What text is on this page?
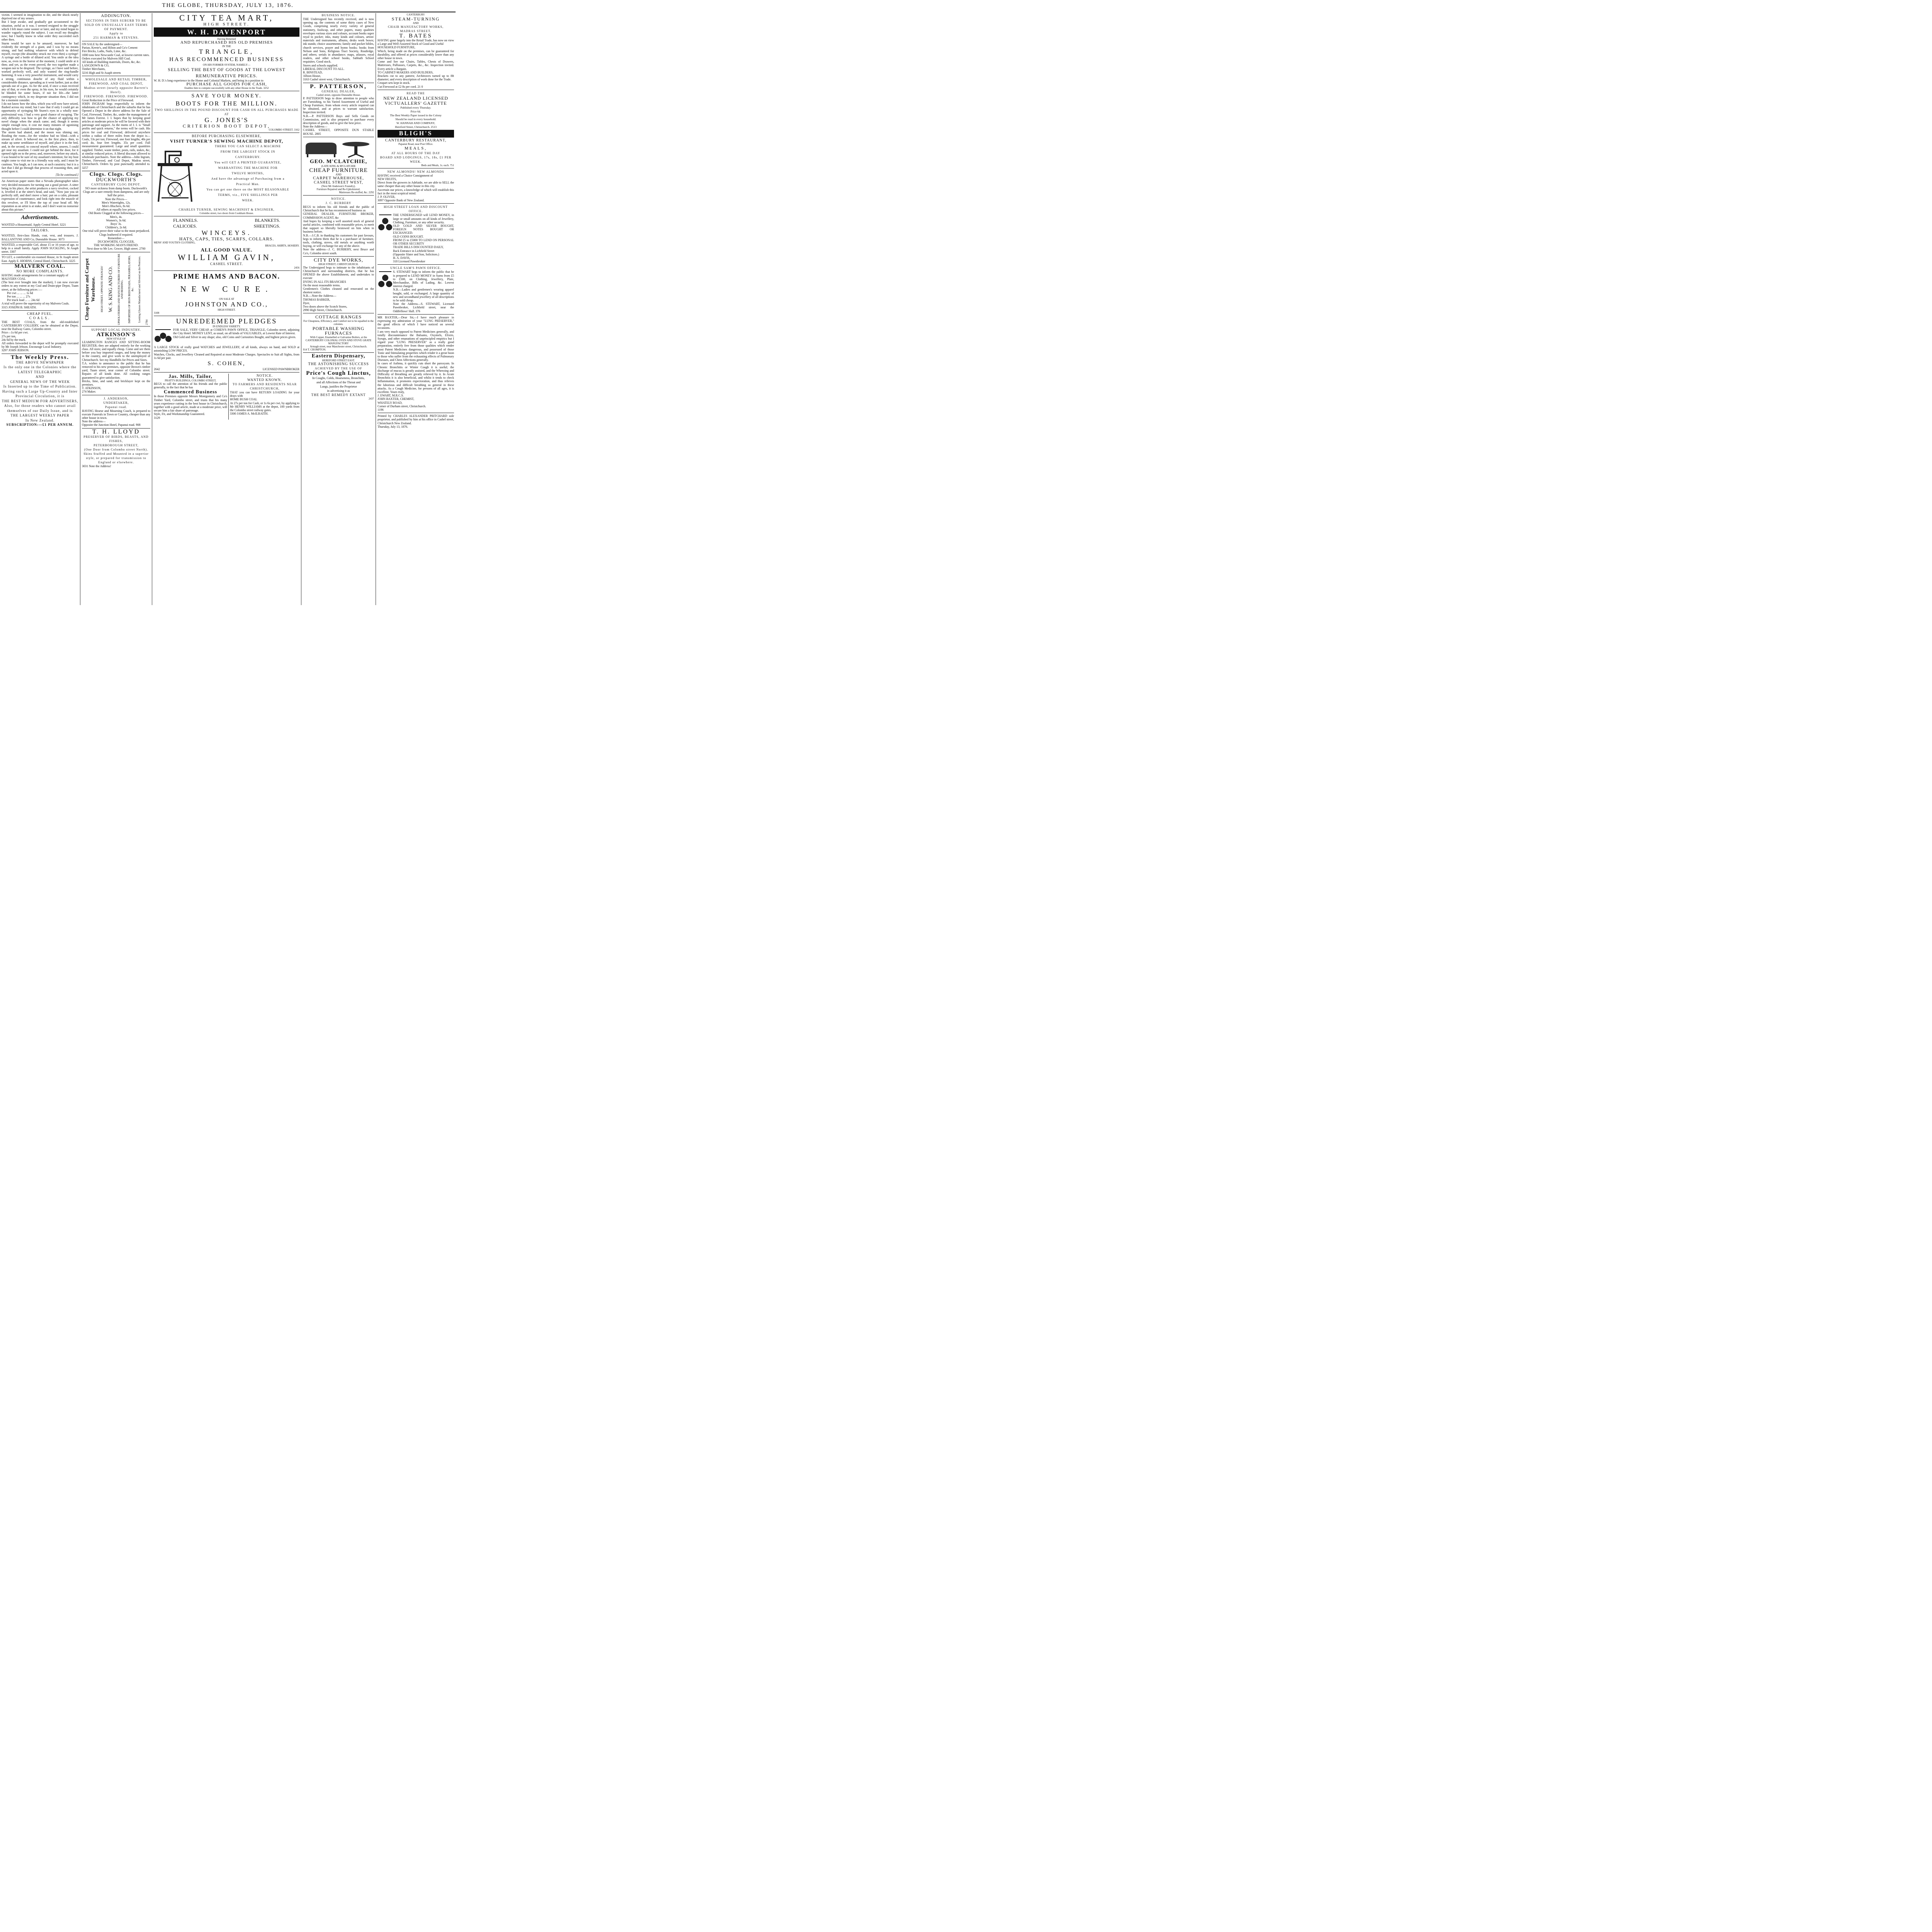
THE GLOBE, THURSDAY, JULY 13, 1876.

victim. I seemed in imagination to die, and the shock nearly deprived me of my senses.
But I kept awake, and gradually got accustomed to the situation, awful as it was. I seemed resigned to the struggle which I felt must come sooner or later, and my mind began to wander vaguely round the subject. I can recall my thoughts now; but I hardly know in what order they succeeded each other then.
Sturm would be sure to be amused; moreover, he had evidently the strength of a giant, and I was by no means strong, and had nothing whatever with which to defend myself, except (the absurdity struck me even then) a syringe! A syringe and a bottle of diluted acid. You smile at the idea now, as, even in the horror of the moment, I could smile at it then; and yet, as the event proved, the two together made a weapon not to be despised. The syringe, as I have said before, worked perfectly well, and only wanted the ring-handle fastening. It was a very powerful instrument, and would carry a strong, continuous douche of any fluid within a considerable distance, spreading as it went farther, just as shot spreads out of a gun. As for the acid, if once a man received any of that, or even the spray, in his eyes, he would certainly be blinded for some hours, if not for life—the latter contingency which, in my desperate situation then, I did not for a moment consider.
I do not know how the idea, which you will now have seized, flashed across my mind; but I saw that if only I could get an opportunity of syringing Mr Sturm's eyes in a wholly non-professional way, I had a very good chance of escaping. The only difficulty was how to get the chance of applying my novel charge when the attack came; and, though it seems simple enough now, it cost me many minutes of agonising thought before I could determine it on that night.
The storm had abated, and the moon was shining out, flooding the room—for the window had no blind—with a stream of silver. It behoved me, in the first place, then, to make up some semblance of myself, and place it in the bed, and, in the second, to conceal myself where, unseen, I could get near my assailant. I could not get behind the door, for it opened right on to the press; and, moreover, before my attack, I was bound to be sure of my assailant's intention; for my host might come to visit me in a friendly way only, and I must be cautious. You laugh, as I can now, at such casuistry; but it is a fact that I did go through that process of reasoning then, and acted upon it.

[To be continued.]

An American paper states that a Nevada photographer takes very decided measures for turning out a good picture. A sitter being in his place, the artist produces a navy revolver, cocked it, levelled it at the sitter's head, and said, "Now just you sit perfectly still, and don't move a hair; put on a calm, pleasant expression of countenance, and look right into the muzzle of this revolver, or I'll blow the top of your head off. My reputation as an artist is at stake, and I don't want no nonsense about this picture."

Advertisements.

WANTED a Housemaid. Apply Central Hotel. 3221

TAILORS.

WANTED, first-class Hands, coat, vest, and trousers. J. BALLANTYNE AND Co, Dunstable House. 3073

WANTED, a respectable Girl, about 15 or 16 years of age, to help in a small family. Apply JOHN SUCKLING, St Asaph street. 3307

TO LET, a comfortable six-roomed House, in St Asaph street East. Apply E. HIORNS, Central Hotel, Christchurch. 3225

MALVERN COAL.
NO MORE COMPLAINTS.

HAVING made arrangements for a constant supply of
MALVERN COAL
(The best ever brought into the market), I can now execute orders to any extent at my Coal and Drain-pipe Depot, Tuam street, at the following prices :—

Per cwt ... ... ... 1s 6d
Per ton ... ... ... 27s
Per truck load ... ... 24s 6d

A trial will prove the superiority of my Malvern Coals.

3315 JOSEPH B. SHEATH.

CHEAP FUEL.
COALS.

THE BEST COALS, from the old-established CANTERBURY COLLIERY, can be obtained at the Depot, near the Railway Gates, Colombo street.
Price—1s 6d per cwt.
27s per ton,
24s 6d by the truck.
All orders forwarded to the depot will be promptly executed by Mr Joseph Jebson. Encourage Local Industry.

3297 JOHN JEBSON.

The Weekly Press.
THE ABOVE NEWSPAPER
Is the only one in the Colonies where the
LATEST TELEGRAPHIC
AND
GENERAL NEWS OF THE WEEK
Is Inserted up to the Time of Publication.
Having such a Large Up-Country and Inter Provincial Circulation, it is
THE BEST MEDIUM FOR ADVERTISERS,
Also, for those readers who cannot avail themselves of our Daily Issue, and is
THE LARGEST WEEKLY PAPER
In New Zealand.
SUBSCRIPTION:—£1 PER ANNUM.
ADDINGTON.
SECTIONS IN THIS SUBURB TO BE SOLD ON UNUSUALLY EASY TERMS OF PAYMENT.
Apply to
251 HARMAN & STEVENS.

ON SALE by the undersigned—
Parian, Keene's, and Hilton and Co's Cement
Fire Bricks, Laths, Nails, Lime, &c.
1000 tons best Newcastle Coal, at lowest current rates.
Orders executed for Malvern Hill Coal.
All kinds of Building materials, Doors, &c, &c.
LANGDOWN & CO,
Timber Merchants,
3216 High and St Asaph streets

WHOLESALE AND RETAIL TIMBER, FIREWOOD, AND COAL DEPOT,
Madras street (nearly opposite Barrett's Hotel).
FIREWOOD. FIREWOOD. FIREWOOD.

Great Reduction in the Price of Firewood.
JOHN INGRAM begs respectfully to inform the inhabitants of Christchurch and the suburbs that he has Opened a Depot in the above address for the Sale of Coal, Firewood, Timber, &c, under the management of Mr James Forrest. J. I. hopes that by keeping good articles at moderate prices he will be favored with their patronage and support. As the motto of J. I. is "Small profits and quick returns," the terms will be cash. His prices for coal and Firewood, delivered anywhere within a radius of three miles from the depot is—Coals, 53s per ton; Firewood, one foot lengths, 40s per cord; do, four feet lengths. 35s per cord. Full measurement guaranteed. Large and small quantities supplied. Timber, waste timber, posts, rails, stakes, &c, at similar reduced prices. A liberal discount allowed to wholesale purchasers. Note the address—John Ingram, Timber, Firewood, and Coal Depot, Madras street, Christchurch. Orders by post punctually attended to. 3257

Clogs. Clogs. Clogs.
DUCKWORTH'S
CANTERBURY CLOG DEPOT.

NO more sickness from damp boots. Duckworth's Clogs are a sure remedy from dampness, and are only half the price.
Note the Prices—
Men's Watertights, 12s.
Men's Bluchers, 8s 6d.
All others at equally low prices.
Old Boots Clogged at the following prices—
Men's, 4s.
Women's, 3s 6d.
Boys' 3s.
Children's, 2s 6d.
One trial will prove their value to the most prejudiced.
Clogs leathered if required.
Remember—
DUCKWORTH, CLOGGER,
THE WORKING MAN'S FRIEND.
Next door to Mr Lee, Grocer, High street. 2700

Cheap Furniture and Carpet Warehouse. HIGH STREET, OPPOSITE STRANGES' W. S. KING AND CO. UPHOLSTERERS AND MANUFACTURERS OF FURNITURE AND BEDDING. IMPORTERS OF IRON BEDSTEADS, PERAMBULATORS, &c. Looking Glasses Manufactured and Silvered on the Premises. 2784
SUPPORT LOCAL INDUSTRY.
ATKINSON'S
NEW STYLE OF

LEAMINGTON RANGES AND SITTING-ROOM REGISTER; they are adapted entirely for the working class. All sizes; and equally cheap. Come and see them before you buy imported ranges, and keep the money in the country, and give work to the unemployed of Christchurch. See my Handbills for Prices and Sizes.
T.A. wishes to announce to the public that he has removed to his new premises, opposite Brown's timber yard, Tuam street, near corner of Colombo street. Repairs of all kinds done. All cooking ranges guaranteed to give satisfaction.
Bricks, lime, and sand, and bricklayer kept on the premises.
T. ATKINSON,
274 Maker.

J. ANDERSON,
UNDERTAKER,
Papanui road.

HAVING Hearse and Mourning Coach, is prepared to execute Funerals in Town or Country, cheaper than any other house in town.
Note the address—
Opposite the Junction Hotel, Papanui road. 908

T. H. LLOYD
PRESERVER OF BIRDS, BEASTS, AND FISHES,
PETERBOROUGH STREET,
(One Door from Colombo street North).
Skins Stuffed and Mounted in a superior style, or prepared for transmission to England or elsewhere.

3031 Note the Address!

CITY TEA MART,
HIGH STREET.
W. H. DAVENPORT
Having Returned
AND REPURCHASED HIS OLD PREMISES
IN THE
TRIANGLE,
HAS RECOMMENCED BUSINESS
ON HIS FORMER SYSTEM, NAMELY—
SELLING THE BEST OF GOODS AT THE LOWEST REMUNERATIVE PRICES.

W. H. D.'s long experience in the Home and Colonial Markets, and being in a position to

PURCHASE ALL GOODS FOR CASH,
Enables him to compete successfully with any other House in the Trade. 3252
SAVE YOUR MONEY.
BOOTS FOR THE MILLION.
TWO SHILLINGS IN THE POUND DISCOUNT FOR CASH ON ALL PURCHASES MADE AT
G. JONES'S
CRITERION BOOT DEPOT,
COLOMBO STREET. 3162
BEFORE PURCHASING ELSEWHERE,
VISIT TURNER'S SEWING MACHINE DEPOT,
THERE YOU CAN SELECT A MACHINE
FROM THE LARGEST STOCK IN
CANTERBURY.
You will GET A PRINTED GUARANTEE,
WARRANTING THE MACHINE FOR
TWELVE MONTHS,
And have the advantage of Purchasing from a
Practical Man.
You can get one there on the MOST REASONABLE
TERMS, viz., FIVE SHILLINGS PER
WEEK.
CHARLES TURNER, SEWING MACHINIST & ENGINEER,
Colombo street, two doors from Cookham House.
FLANNELS.	BLANKETS.
CALICOES.	SHEETINGS.
WINCEYS.
HATS, CAPS, TIES, SCARFS, COLLARS.
MENS' AND YOUTH'S CLOTHING,
BRACES, SHIRTS, HOSIERY.
ALL GOOD VALUE.
WILLIAM GAVIN,
CASHEL STREET.
2456
PRIME HAMS AND BACON.
NEW CURE.
ON SALE AT
JOHNSTON AND CO.,
HIGH STREET.
3108
UNREDEEMED PLEDGES
IN ENDLESS VARIETY.

FOR SALE, VERY CHEAP, at COHEN'S PAWN OFFICE, TRIANGLE, Colombo street, adjoining the City Hotel. MONEY LENT, as usual, on all kinds of VALUABLES, at Lowest Rate of Interest.
Old Gold and Silver in any shape; also, old Coins and Curiosities Bought, and highest prices given.

A LARGE STOCK of really good WATCHES and JEWELLERY, of all kinds, always on hand, and SOLD at astonishing LOW PRICES.
Watches, Clocks, and Jewellery Cleaned and Repaired at most Moderate Charges. Spectacles to Suit all Sights, from 1s 6d per pair.

S. COHEN,
2642	LICENSED PAWNBROKER
Jas. Mills, Tailor,
PRATT'S BUILDINGS, COLOMBO STREET,

BEGS to call the attention of his friends and the public generally, to the fact that he has

Commenced Business

In those Premises opposite Messrs Montgomery and Co's Timber Yard, Colombo street, and trusts that his many years experience cutting in the best house in Christchurch, together with a good article, made at a moderate price, will secure him a fair share of patronage.
Style, Fit, and Workmanship Guaranteed.

3129

NOTICE.
WANTED KNOWN.
TO FARMERS AND RESIDENTS NEAR CHRISTCHURCH,

THAT you can have RETURN LOADING for your drays with
HOME BUSH COAL
At 27s per ton for Cash, or 1s 6s per cwt, by applying to Mr HENRY WILLIAMS at the depot, 100 yards from the Colombo street railway gates.

3300 JAMES A. McILRAITH.

BUSINESS NOTICE.

THE Undersigned has recently received, and is now opening up, the contents of some thirty cases of New Goods, comprising nearly every variety of general stationery, foolscap, and other papers, many qualities envelopes various sizes and colours, account books super royal to pocket; inks, many kinds and colours, artists' materials and instruments, albums, desks work boxes; ink stands; choice assortments; family and pocket bibles, church services, prayer and hymn books; books from Nelson and Sons, Religious Tract Society, Routledge, and others; serials in abundance; maps, atlasses, royal readers, and other school books, Sabbath School requisites. Good stock.
Stores and schools supplied.
LIBERAL DISCOUNT TO ALL.
R. BINSTEAD,
Albion House,
3163 Cashel street west, Christchurch.

P. PATTERSON,
GENERAL DEALER,
Cashel street, opposite Dunstable House.

P. PATTERSON begs to draw attention to people who are Furnishing, to his Varied Assortment of Useful and Cheap Furniture, from whom every article required can be obtained, and at prices to warrant satisfaction. Inspection invited.
N.B.—P. PATTERSON Buys and Sells Goods on Commission, and is also prepared to purchase every description of goods, and to give the best price.
Note the Address—
CASHEL STREET, OPPOSITE DUN STABLE HOUSE. 2805

GEO. M'CLATCHIE,
(LATE KING & M'CLATCHIE
CHEAP FURNITURE
AND
CARPET WAREHOUSE,
CASHEL STREET WEST,
(Next Mr Anderson's Foundry).
Furniture Repaired and Re-Upholstered.
Mattresses Re-stuffed, &c. 2292
NOTICE.
J. C. BURBERY

BEGS to inform his old friends and the public of Christchurch that he has recommenced business as
GENERAL DEALER, FURNITURE BROKER, COMMISSION AGENT, &c
And hopes by keeping a well assorted stock of general useful articles, combined with reasonable prices, to merit that support so liberally bestowed on him when in business before.
N.B.—J.C.B. in thanking his customers for past favours, begs to inform them that he is a purchaser of furniture, tools, clothing, stoves, old metals or anything worth buying, or will exchange for any of the above.
Note the address—J. C. BURBERY, next Bruce and Co's, Colombo street south.

CITY DYE WORKS,
HIGH STREET, CHRISTCHURCH.

The Undersigned begs to intimate to the inhabitants of Christchurch and surrounding districts, that he has OPENED the above Establishment, and undertakes to execute
DYING IN ALL ITS BRANCHES
On the most reasonable terms.
Gentlemen's Clothes cleaned and renovated on the shortest notice.
N.B.—Note the Address—
THOMAS BARKER,
Dyer,
Two doors above the Scotch Stores,
2990 High Street, Christchurch.

COTTAGE RANGES
For Cheapness, Efficiency, and Comfort not to be equalled in the colonies.
PORTABLE WASHING FURNACES
With Copper, Enamelled or Galvanise Boilers, at the
CANTERBURY COLONIAL OVEN AND STOVE GRATE MANUFACTORY
Armagh street, near Manchester street, Christchurch.
914 T. CROMPTON.
Eastern Dispensary,
HEREFORD STREET EAST.
THE ASTONISHING SUCCESS
ACHIEVED BY THE USE OF
Price's Cough Linctus,
In Coughs, Colds, Hoarseness, Bronchitis,
and all Affections of the Throat and
Lungs, justifies the Proprietor
in advertising it as
THE BEST REMEDY EXTANT
2437
CANTERBURY
STEAM-TURNING
AND
CHAIR MANUFACTORY WORKS,
MADRAS STREET.
T. BATES

HAVING gone largely into the Retail Trade, has now on view a Large and Well-Assorted Stock of Good and Useful
HOUSEHOLD FURNITURE,
Which, being made on the premises, can be guaranteed for durability, and offered at prices considerably lower than any other house in town.
Come and See our Chairs, Tables, Chests of Drawers, Mattresses, Palliasses, Carpets, &c., &c. Inspection invited. Every article a Bargain.
TO CABINET-MAKERS AND BUILDERS,
Brackets cut to any pattern; Architraves turned up to 8ft diameter; and every description of work done for the Trade.
Croquet sets kept in stock.
Cut Firewood at £2 8s per cord. 21 0

READ THE
NEW ZEALAND LICENSED
VICTUALLERS' GAZETTE
Published every Thursday.
Price 6d.
The Best Weekly Paper issued in the Colony
Should be read in every household.
W. HANNAH AND COMPANY,
Hereford Street, Christchurch. 2513
BLIGH'S
CANTERBURY RESTAURANT,
Papanui Road, near Post Office.
MEALS,
AT ALL HOURS OF THE DAY
BOARD AND LODGINGS, 17s, 18s, £1 PER WEEK.
Beds and Meals, 1s. each. 751
NEW ALMONDS! NEW ALMONDS

HAVING received a Choice Consignment of
NEW FRUITS,
Direct from the growers in Adelaide, we are able to SELL the same cheaper than any other house in this city.
Ascertain our prices, a knowledge of which will establish this fact in the most sceptical mind.
J. P. OLIVER,
3097 Opposite Bank of New Zealand.

HIGH STREET LOAN AND DISCOUNT OFFICE.

THE UNDERSIGNED will LEND MONEY, in large or small amounts on all kinds of Jewellery, Clothing, Furniture, or any other security.
OLD GOLD AND SILVER BOUGHT, FOREIGN NOTES BOUGHT OR EXCHANGED.
OLD COINS BOUGHT.
FROM £5 to £5000 TO LEND ON PERSONAL OR OTHER SECURITY
TRADE BILLS DISCOUNTED DAILY,
Back Entrance in Lichfield Street
(Opposite Slater and Son, Solicitors.)
H. A. DAVIS,
318 Licensed Pawnbroker

UNCLE SAM'S PAWN OFFICE.

S. STEWART begs to inform the public that he is prepared to LEND MONEY in Sums from £5 to £500, on Clothing, Jewellery, Plate, Merchandise, Bills of Lading, &c. Lowest interest charged.
N.B.—Ladies and gentlemen's wearing apparel bought, sold, or exchanged. A large quantity of new and secondhand jewellery of all descriptions to be sold cheap.
Note the Address—S. STEWART, Licensed Pawnbroker, Lichfield street, near the Oddfellows' Hall. 376

MR BAXTER,—Dear Sir,—I have much pleasure in expressing my admiration of your "LUNG PRESERVER," the good effects of which I have noticed on several occasions.
I am very much opposed to Patent Medicines generally, and totally discountenance the Balsams, Oxymels, Elixirs, Syrups, and other emanations of unprincipled empirics but I regard your "LUNG PRESERVER" as a really good preparation, entirely free from those qualities which render most Patent Medicines dangerous, and possessed of those Tonic and Stimulating properties which render it a great boon to those who suffer from the exhausting effects of Pulmonary Diseases, and Chest Affections generally.
In cases of Asthma, it quickly cuts short the paroxysm. In Chronic Bronchitis or Winter Cough it is useful; the discharge of mucus is greatly assisted, and the Wheezing and Difficulty of Breathing are greatly relieved by it. In Acute Bronchitis it is also beneficial, and whilst it tends to check Inflammation, it promotes expectoration, and thus relieves the laborious and difficult breathing so general in these attacks. As a Cough Medicine, for persons of all ages, it is excellent. Yours truly,
J. EWART, M.R.C.S.
JOHN BAXTER, CHEMIST,
WHATELY ROAD,
Corner of Durham street, Christchurch.
1196

Printed by CHARLES ALEXANDER PRITCHARD sole proprietor, and published by him at his office in Cashel street, Christchurch New Zealand.
Thursday, July 13, 1876.
